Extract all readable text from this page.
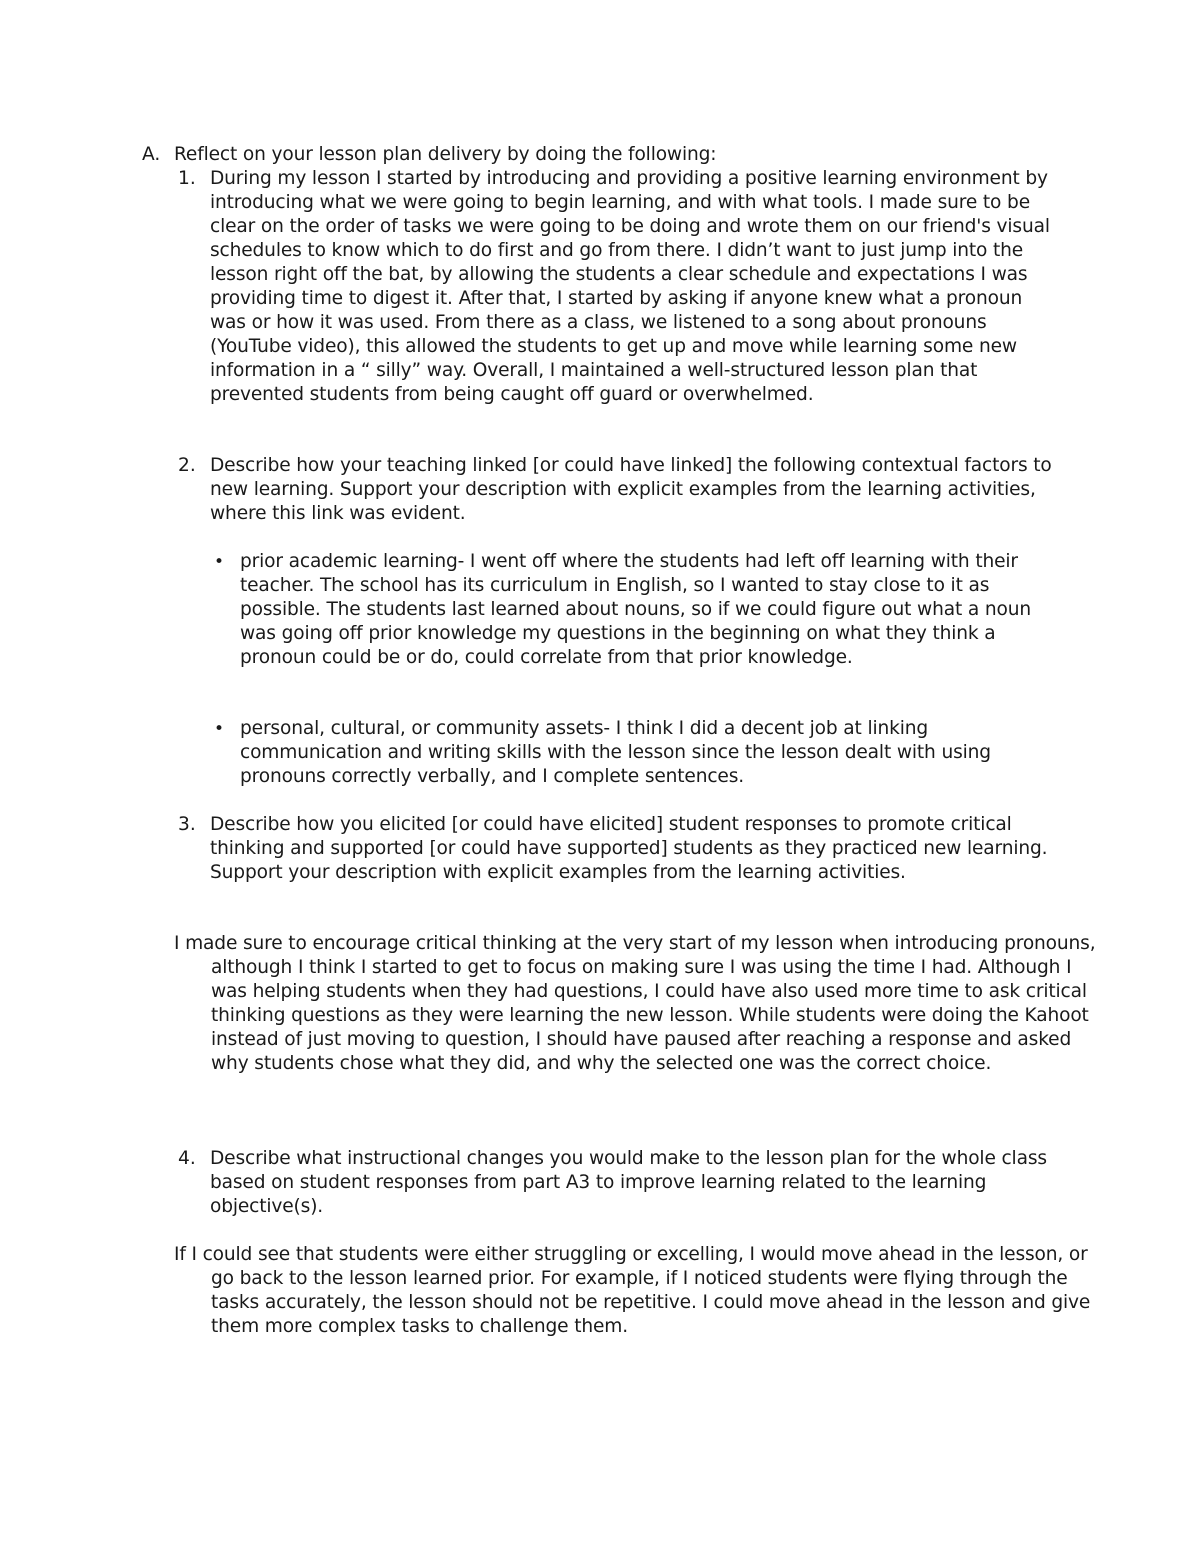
A. Reflect on your lesson plan delivery by doing the following:
1. During my lesson I started by introducing and providing a positive learning environment by introducing what we were going to begin learning, and with what tools. I made sure to be clear on the order of tasks we were going to be doing and wrote them on our friend's visual schedules to know which to do first and go from there. I didn’t want to just jump into the lesson right off the bat, by allowing the students a clear schedule and expectations I was providing time to digest it. After that, I started by asking if anyone knew what a pronoun was or how it was used. From there as a class, we listened to a song about pronouns (YouTube video), this allowed the students to get up and move while learning some new information in a “ silly” way. Overall, I maintained a well-structured lesson plan that prevented students from being caught off guard or overwhelmed.
2. Describe how your teaching linked [or could have linked] the following contextual factors to new learning. Support your description with explicit examples from the learning activities, where this link was evident.
• prior academic learning- I went off where the students had left off learning with their teacher. The school has its curriculum in English, so I wanted to stay close to it as possible. The students last learned about nouns, so if we could figure out what a noun was going off prior knowledge my questions in the beginning on what they think a pronoun could be or do, could correlate from that prior knowledge.
• personal, cultural, or community assets- I think I did a decent job at linking communication and writing skills with the lesson since the lesson dealt with using pronouns correctly verbally, and I complete sentences.
3. Describe how you elicited [or could have elicited] student responses to promote critical thinking and supported [or could have supported] students as they practiced new learning. Support your description with explicit examples from the learning activities.
I made sure to encourage critical thinking at the very start of my lesson when introducing pronouns, although I think I started to get to focus on making sure I was using the time I had. Although I was helping students when they had questions, I could have also used more time to ask critical thinking questions as they were learning the new lesson. While students were doing the Kahoot instead of just moving to question, I should have paused after reaching a response and asked why students chose what they did, and why the selected one was the correct choice.
4. Describe what instructional changes you would make to the lesson plan for the whole class based on student responses from part A3 to improve learning related to the learning objective(s).
If I could see that students were either struggling or excelling, I would move ahead in the lesson, or go back to the lesson learned prior. For example, if I noticed students were flying through the tasks accurately, the lesson should not be repetitive. I could move ahead in the lesson and give them more complex tasks to challenge them.
